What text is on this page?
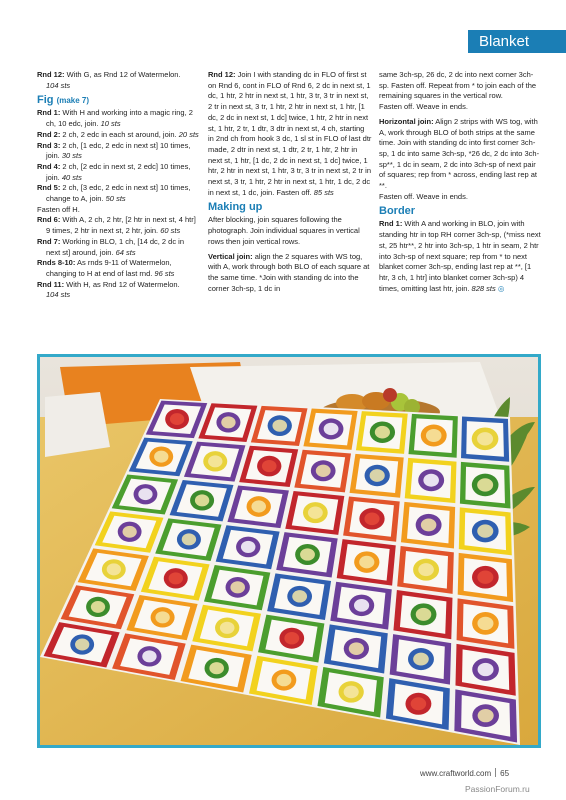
Blanket

Rnd 12: With G, as Rnd 12 of Watermelon.
104 sts

Fig (make 7)

Rnd 1: With H and working into a magic ring, 2 ch, 10 edc, join. 10 sts

Rnd 2: 2 ch, 2 edc in each st around, join. 20 sts

Rnd 3: 2 ch, [1 edc, 2 edc in next st] 10 times, join. 30 sts

Rnd 4: 2 ch, [2 edc in next st, 2 edc] 10 times, join. 40 sts

Rnd 5: 2 ch, [3 edc, 2 edc in next st] 10 times, change to A, join. 50 sts

Fasten off H.

Rnd 6: With A, 2 ch, 2 htr, [2 htr in next st, 4 htr] 9 times, 2 htr in next st, 2 htr, join. 60 sts

Rnd 7: Working in BLO, 1 ch, [14 dc, 2 dc in next st] around, join. 64 sts

Rnds 8-10: As rnds 9-11 of Watermelon, changing to H at end of last rnd. 96 sts

Rnd 11: With H, as Rnd 12 of Watermelon.
104 sts

Rnd 12: Join I with standing dc in FLO of first st on Rnd 6, cont in FLO of Rnd 6, 2 dc in next st, 1 dc, 1 htr, 2 htr in next st, 1 htr, 3 tr, 3 tr in next st, 2 tr in next st, 3 tr, 1 htr, 2 htr in next st, 1 htr, [1 dc, 2 dc in next st, 1 dc] twice, 1 htr, 2 htr in next st, 1 htr, 2 tr, 1 dtr, 3 dtr in next st, 4 ch, starting in 2nd ch from hook 3 dc, 1 sl st in FLO of last dtr made, 2 dtr in next st, 1 dtr, 2 tr, 1 htr, 2 htr in next st, 1 htr, [1 dc, 2 dc in next st, 1 dc] twice, 1 htr, 2 htr in next st, 1 htr, 3 tr, 3 tr in next st, 2 tr in next st, 3 tr, 1 htr, 2 htr in next st, 1 htr, 1 dc, 2 dc in next st, 1 dc, join. Fasten off. 85 sts

Making up

After blocking, join squares following the photograph. Join individual squares in vertical rows then join vertical rows.

Vertical join: align the 2 squares with WS tog, with A, work through both BLO of each square at the same time. *Join with standing dc into the corner 3ch-sp, 1 dc in

same 3ch-sp, 26 dc, 2 dc into next corner 3ch-sp. Fasten off. Repeat from * to join each of the remaining squares in the vertical row.

Fasten off. Weave in ends.

Horizontal join: Align 2 strips with WS tog, with A, work through BLO of both strips at the same time. Join with standing dc into first corner 3ch-sp, 1 dc into same 3ch-sp, *26 dc, 2 dc into 3ch-sp**, 1 dc in seam, 2 dc into 3ch-sp of next pair of squares; rep from * across, ending last rep at **.

Fasten off. Weave in ends.

Border

Rnd 1: With A and working in BLO, join with standing htr in top RH corner 3ch-sp, (*miss next st, 25 htr**, 2 htr into 3ch-sp, 1 htr in seam, 2 htr into 3ch-sp of next square; rep from * to next blanket corner 3ch-sp, ending last rep at **, [1 htr, 3 ch, 1 htr] into blanket corner 3ch-sp) 4 times, omitting last htr, join. 828 sts ◎

www.craftworld.com 65
PassionForum.ru
